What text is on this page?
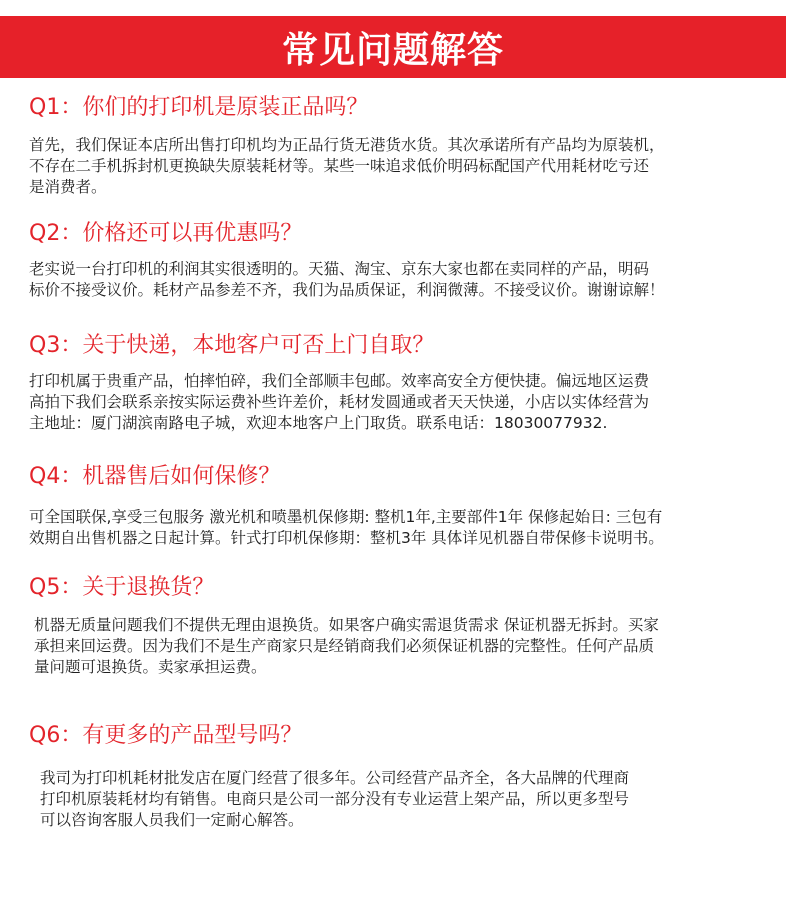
常见问题解答
Q1：你们的打印机是原装正品吗？
首先，我们保证本店所出售打印机均为正品行货无港货水货。其次承诺所有产品均为原装机，
不存在二手机拆封机更换缺失原装耗材等。某些一味追求低价明码标配国产代用耗材吃亏还
是消费者。
Q2：价格还可以再优惠吗？
老实说一台打印机的利润其实很透明的。天猫、淘宝、京东大家也都在卖同样的产品，明码
标价不接受议价。耗材产品参差不齐，我们为品质保证，利润微薄。不接受议价。谢谢谅解！
Q3：关于快递，本地客户可否上门自取？
打印机属于贵重产品，怕摔怕碎，我们全部顺丰包邮。效率高安全方便快捷。偏远地区运费
高拍下我们会联系亲按实际运费补些许差价，耗材发圆通或者天天快递，小店以实体经营为
主地址：厦门湖滨南路电子城，欢迎本地客户上门取货。联系电话：18030077932.
Q4：机器售后如何保修？
可全国联保,享受三包服务 激光机和喷墨机保修期: 整机1年,主要部件1年 保修起始日: 三包有
效期自出售机器之日起计算。针式打印机保修期：整机3年 具体详见机器自带保修卡说明书。
Q5：关于退换货？
机器无质量问题我们不提供无理由退换货。如果客户确实需退货需求 保证机器无拆封。买家
承担来回运费。因为我们不是生产商家只是经销商我们必须保证机器的完整性。任何产品质
量问题可退换货。卖家承担运费。
Q6：有更多的产品型号吗？
我司为打印机耗材批发店在厦门经营了很多年。公司经营产品齐全，各大品牌的代理商
打印机原装耗材均有销售。电商只是公司一部分没有专业运营上架产品，所以更多型号
可以咨询客服人员我们一定耐心解答。
